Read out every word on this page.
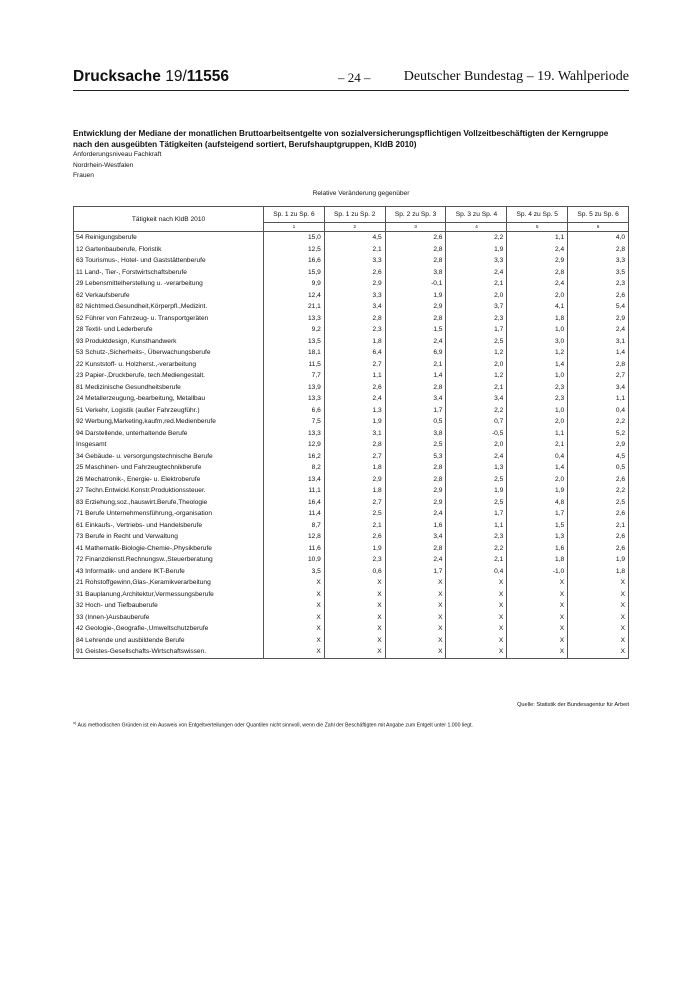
Drucksache 19/11556	– 24 – Deutscher Bundestag – 19. Wahlperiode
Entwicklung der Mediane der monatlichen Bruttoarbeitsentgelte von sozialversicherungspflichtigen Vollzeitbeschäftigten der Kerngruppe nach den ausgeübten Tätigkeiten (aufsteigend sortiert, Berufshauptgruppen, KldB 2010)
Anforderungsniveau Fachkraft
Nordrhein-Westfalen
Frauen
Relative Veränderung gegenüber
Tätigkeit nach KldB 2010	Sp. 1 zu Sp. 6	Sp. 1 zu Sp. 2	Sp. 2 zu Sp. 3	Sp. 3 zu Sp. 4	Sp. 4 zu Sp. 5	Sp. 5 zu Sp. 6
	1	2	3	4	5	6
54 Reinigungsberufe	15,0	4,5	2,6	2,2	1,1	4,0
12 Gartenbauberufe, Floristik	12,5	2,1	2,8	1,9	2,4	2,8
63 Tourismus-, Hotel- und Gaststättenberufe	16,6	3,3	2,8	3,3	2,9	3,3
11 Land-, Tier-, Forstwirtschaftsberufe	15,9	2,6	3,8	2,4	2,8	3,5
29 Lebensmittelherstellung u. -verarbeitung	9,9	2,9	-0,1	2,1	2,4	2,3
62 Verkaufsberufe	12,4	3,3	1,9	2,0	2,0	2,6
82 Nichtmed.Gesundheit,Körperpfl.,Medizint.	21,1	3,4	2,9	3,7	4,1	5,4
52 Führer von Fahrzeug- u. Transportgeräten	13,3	2,8	2,8	2,3	1,8	2,9
28 Textil- und Lederberufe	9,2	2,3	1,5	1,7	1,0	2,4
93 Produktdesign, Kunsthandwerk	13,5	1,8	2,4	2,5	3,0	3,1
53 Schutz-,Sicherheits-, Überwachungsberufe	18,1	6,4	6,9	1,2	1,2	1,4
22 Kunststoff- u. Holzherst.,-verarbeitung	11,5	2,7	2,1	2,0	1,4	2,8
23 Papier-,Druckberufe, tech.Mediengestalt.	7,7	1,1	1,4	1,2	1,0	2,7
81 Medizinische Gesundheitsberufe	13,9	2,6	2,8	2,1	2,3	3,4
24 Metallerzeugung,-bearbeitung, Metallbau	13,3	2,4	3,4	3,4	2,3	1,1
51 Verkehr, Logistik (außer Fahrzeugführ.)	6,6	1,3	1,7	2,2	1,0	0,4
92 Werbung,Marketing,kaufm,red.Medienberufe	7,5	1,9	0,5	0,7	2,0	2,2
94 Darstellende, unterhaltende Berufe	13,3	3,1	3,8	-0,5	1,1	5,2
Insgesamt	12,9	2,8	2,5	2,0	2,1	2,9
34 Gebäude- u. versorgungstechnische Berufe	16,2	2,7	5,3	2,4	0,4	4,5
25 Maschinen- und Fahrzeugtechnikberufe	8,2	1,8	2,8	1,3	1,4	0,5
26 Mechatronik-, Energie- u. Elektroberufe	13,4	2,9	2,8	2,5	2,0	2,6
27 Techn.Entwickl.Konstr.Produktionssteuer.	11,1	1,8	2,9	1,9	1,9	2,2
83 Erziehung,soz.,hauswirt.Berufe,Theologie	16,4	2,7	2,9	2,5	4,8	2,5
71 Berufe Unternehmensführung,-organisation	11,4	2,5	2,4	1,7	1,7	2,6
61 Einkaufs-, Vertriebs- und Handelsberufe	8,7	2,1	1,6	1,1	1,5	2,1
73 Berufe in Recht und Verwaltung	12,8	2,6	3,4	2,3	1,3	2,6
41 Mathematik-Biologie-Chemie-,Physikberufe	11,6	1,9	2,8	2,2	1,6	2,6
72 Finanzdienstl.Rechnungsw.,Steuerberatung	10,9	2,3	2,4	2,1	1,8	1,9
43 Informatik- und andere IKT-Berufe	3,5	0,6	1,7	0,4	-1,0	1,8
21 Rohstoffgewinn,Glas-,Keramikverarbeitung	X	X	X	X	X	X
31 Bauplanung,Architektur,Vermessungsberufe	X	X	X	X	X	X
32 Hoch- und Tiefbauberufe	X	X	X	X	X	X
33 (Innen-)Ausbauberufe	X	X	X	X	X	X
42 Geologie-,Geografie-,Umweltschutzberufe	X	X	X	X	X	X
84 Lehrende und ausbildende Berufe	X	X	X	X	X	X
91 Geistes-Gesellschafts-Wirtschaftswissen.	X	X	X	X	X	X
Quelle: Statistik der Bundesagentur für Arbeit
$^{x)}$ Aus methodischen Gründen ist ein Ausweis von Entgeltverteilungen oder Quantilen nicht sinnvoll, wenn die Zahl der Beschäftigten mit Angabe zum Entgelt unter 1.000 liegt.
